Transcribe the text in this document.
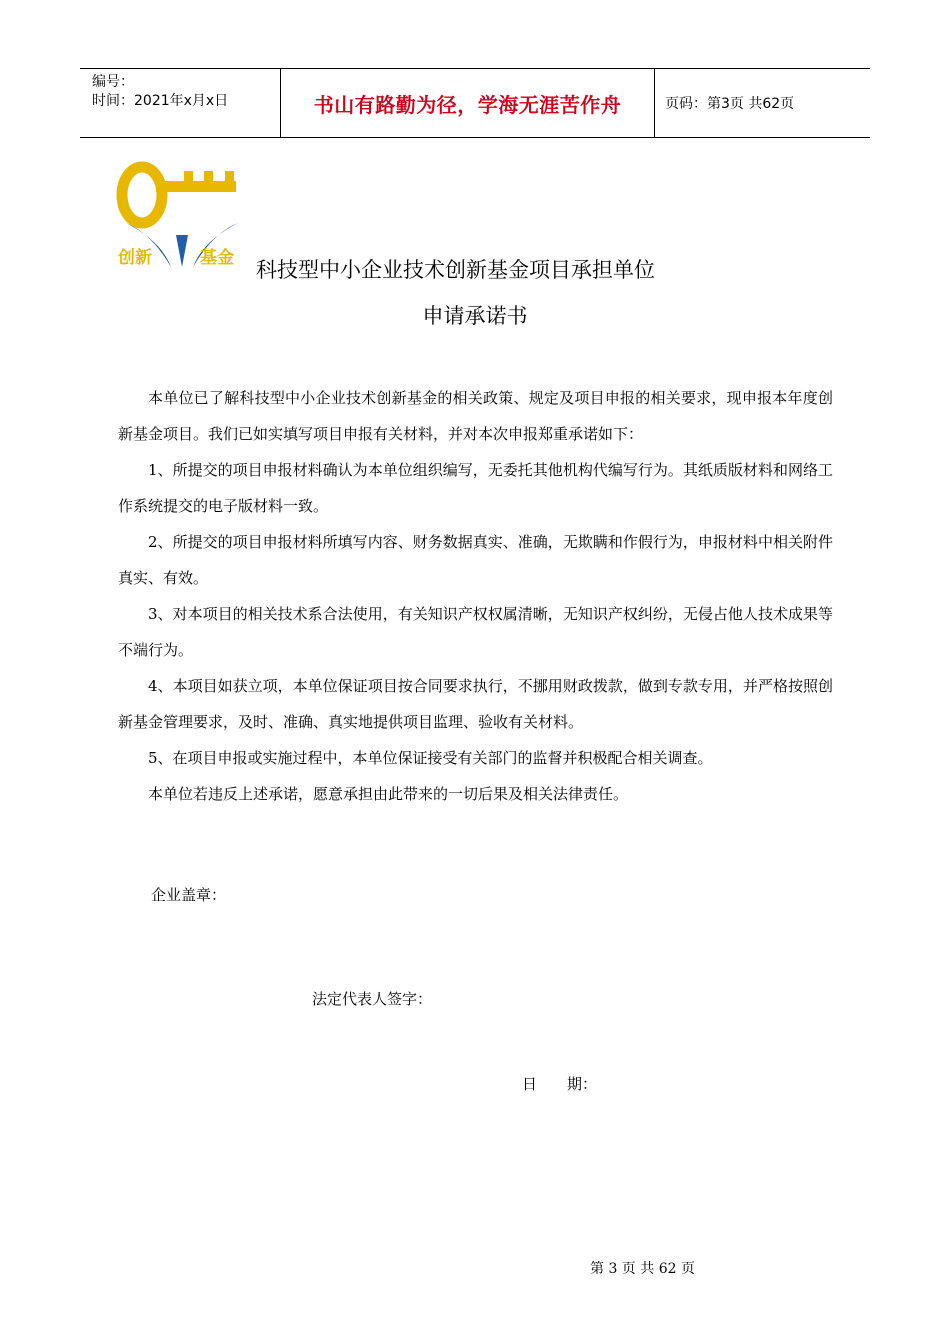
编号：
时间：2021年x月x日	书山有路勤为径，学海无涯苦作舟	页码：第3页 共62页
创新	基金 科技型中小企业技术创新基金项目承担单位
申请承诺书

本单位已了解科技型中小企业技术创新基金的相关政策、规定及项目申报的相关要求，现申报本年度创新基金项目。我们已如实填写项目申报有关材料，并对本次申报郑重承诺如下：

1、所提交的项目申报材料确认为本单位组织编写，无委托其他机构代编写行为。其纸质版材料和网络工作系统提交的电子版材料一致。

2、所提交的项目申报材料所填写内容、财务数据真实、准确，无欺瞒和作假行为，申报材料中相关附件真实、有效。

3、对本项目的相关技术系合法使用，有关知识产权权属清晰，无知识产权纠纷，无侵占他人技术成果等不端行为。

4、本项目如获立项，本单位保证项目按合同要求执行，不挪用财政拨款，做到专款专用，并严格按照创新基金管理要求，及时、准确、真实地提供项目监理、验收有关材料。

5、在项目申报或实施过程中，本单位保证接受有关部门的监督并积极配合相关调查。

本单位若违反上述承诺，愿意承担由此带来的一切后果及相关法律责任。

企业盖章：
法定代表人签字：
日　　期：
第 3 页 共 62 页
